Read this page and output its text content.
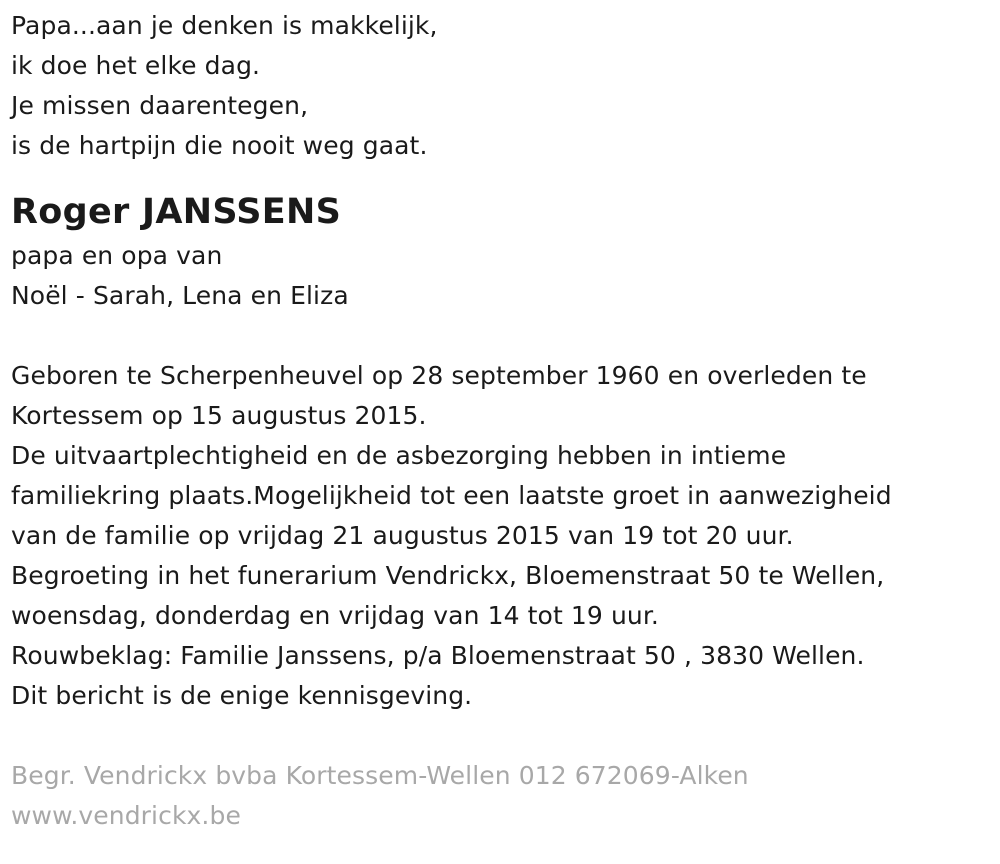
Papa...aan je denken is makkelijk,
ik doe het elke dag.
Je missen daarentegen,
is de hartpijn die nooit weg gaat.
Roger JANSSENS
papa en opa van
Noël - Sarah, Lena en Eliza
Geboren te Scherpenheuvel op 28 september 1960 en overleden te
Kortessem op 15 augustus 2015.
De uitvaartplechtigheid en de asbezorging hebben in intieme
familiekring plaats.Mogelijkheid tot een laatste groet in aanwezigheid
van de familie op vrijdag 21 augustus 2015 van 19 tot 20 uur.
Begroeting in het funerarium Vendrickx, Bloemenstraat 50 te Wellen,
woensdag, donderdag en vrijdag van 14 tot 19 uur.
Rouwbeklag: Familie Janssens, p/a Bloemenstraat 50 , 3830 Wellen.
Dit bericht is de enige kennisgeving.
Begr. Vendrickx bvba Kortessem-Wellen 012 672069-Alken
www.vendrickx.be
